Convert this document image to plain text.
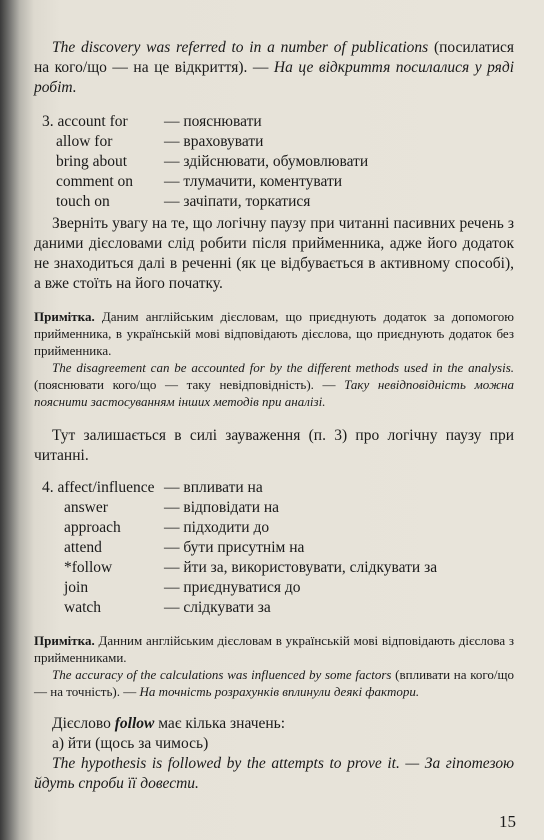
The discovery was referred to in a number of publications (посилатися на кого/що — на це відкриття). — На це відкриття посилалися у ряді робіт.

3. account for	— пояснювати
allow for	— враховувати
bring about	— здійснювати, обумовлювати
comment on	— тлумачити, коментувати
touch on	— зачіпати, торкатися

Зверніть увагу на те, що логічну паузу при читанні пасивних речень з даними дієсловами слід робити після прийменника, адже його додаток не знаходиться далі в реченні (як це відбувається в активному способі), а вже стоїть на його початку.

Примітка. Даним англійським дієсловам, що приєднують додаток за допомогою прийменника, в українській мові відповідають дієслова, що приєднують додаток без прийменника.

The disagreement can be accounted for by the different methods used in the analysis. (пояснювати кого/що — таку невідповідність). — Таку невідповідність можна пояснити застосуванням інших методів при аналізі.

Тут залишається в силі зауваження (п. 3) про логічну паузу при читанні.

4. affect/influence — впливати на
answer	— відповідати на
approach	— підходити до
attend	— бути присутнім на
*follow	— йти за, використовувати, слідкувати за
join	— приєднуватися до
watch	— слідкувати за

Примітка. Данним англійським дієсловам в українській мові відповідають дієслова з прийменниками.

The accuracy of the calculations was influenced by some factors (впливати на кого/що — на точність). — На точність розрахунків вплинули деякі фактори.

Дієслово follow має кілька значень:

а) йти (щось за чимось)

The hypothesis is followed by the attempts to prove it. — За гіпотезою йдуть спроби її довести.

15
